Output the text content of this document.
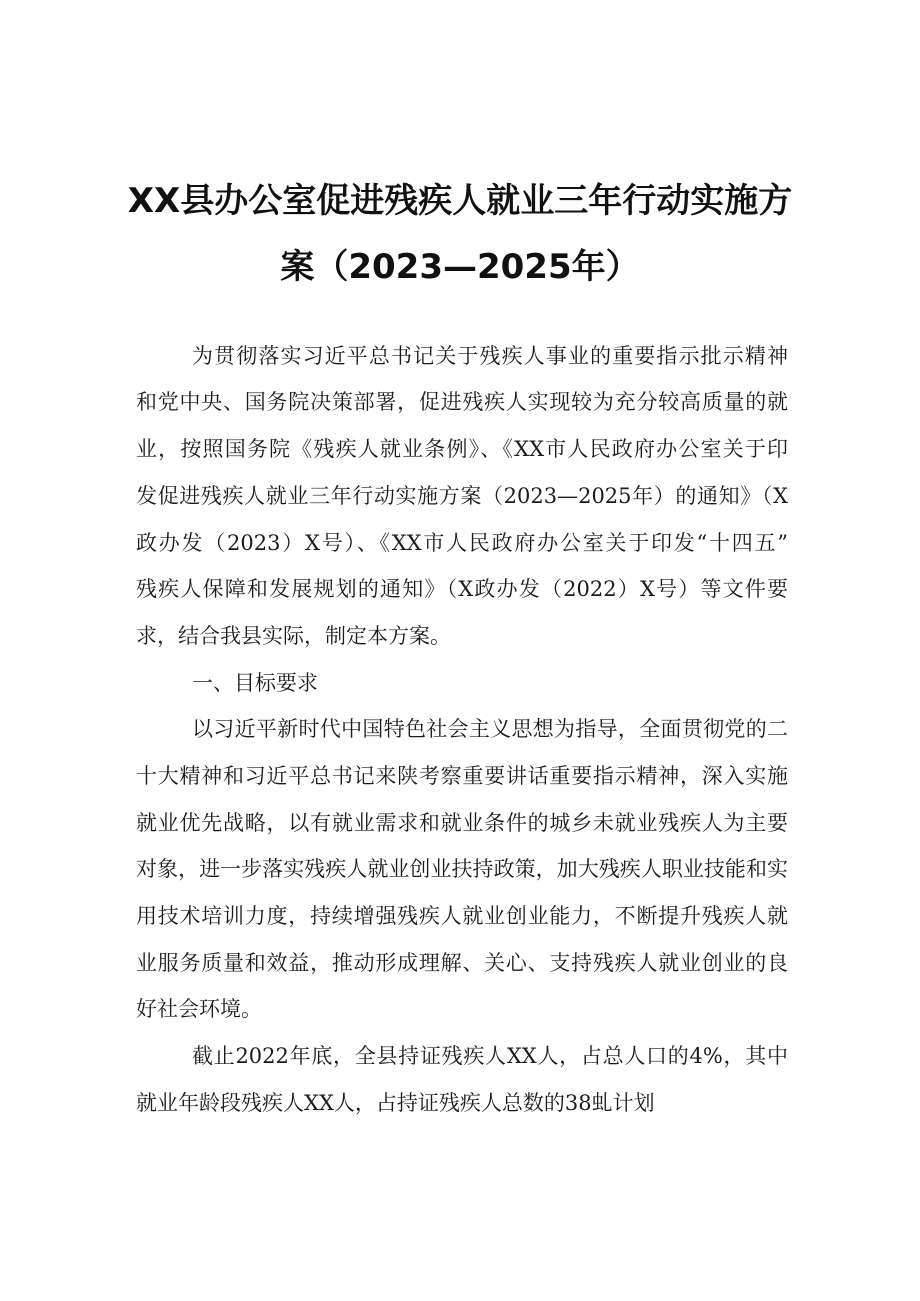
XX县办公室促进残疾人就业三年行动实施方
案（2023—2025年）
为贯彻落实习近平总书记关于残疾人事业的重要指示批示精神
和党中央、国务院决策部署，促进残疾人实现较为充分较高质量的就
业，按照国务院《残疾人就业条例》、《XX市人民政府办公室关于印
发促进残疾人就业三年行动实施方案（2023—2025年）的通知》（X
政办发（2023）X号）、《XX市人民政府办公室关于印发“十四五”
残疾人保障和发展规划的通知》（X政办发（2022）X号）等文件要
求，结合我县实际，制定本方案。
一、目标要求
以习近平新时代中国特色社会主义思想为指导，全面贯彻党的二
十大精神和习近平总书记来陕考察重要讲话重要指示精神，深入实施
就业优先战略，以有就业需求和就业条件的城乡未就业残疾人为主要
对象，进一步落实残疾人就业创业扶持政策，加大残疾人职业技能和实
用技术培训力度，持续增强残疾人就业创业能力，不断提升残疾人就
业服务质量和效益，推动形成理解、关心、支持残疾人就业创业的良
好社会环境。
截止2022年底，全县持证残疾人XX人，占总人口的4%，其中
就业年龄段残疾人XX人，占持证残疾人总数的38虬计划
